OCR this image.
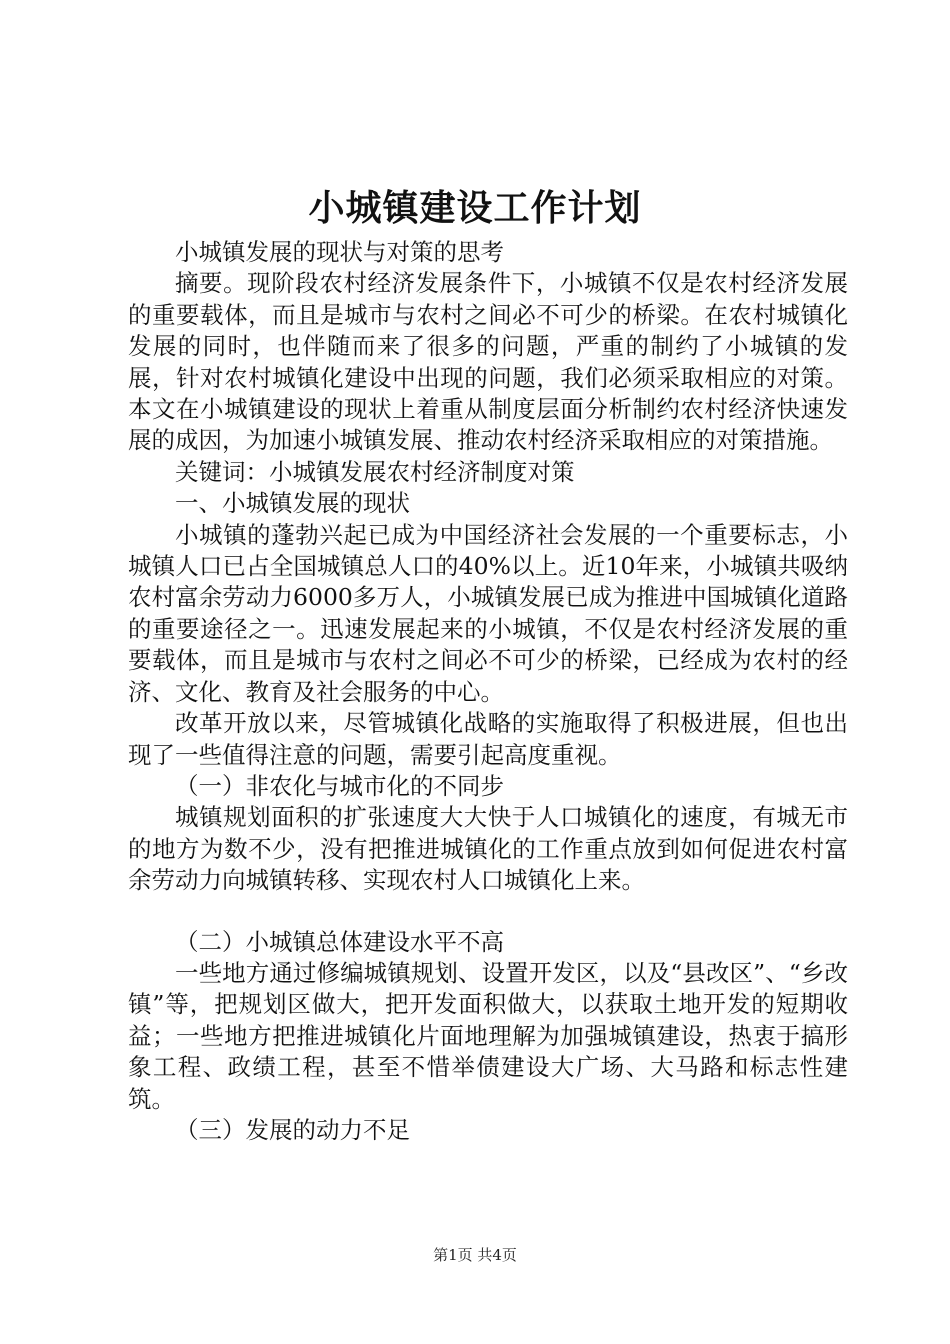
小城镇建设工作计划

小城镇发展的现状与对策的思考

摘要。现阶段农村经济发展条件下，小城镇不仅是农村经济发展的重要载体，而且是城市与农村之间必不可少的桥梁。在农村城镇化发展的同时，也伴随而来了很多的问题，严重的制约了小城镇的发展，针对农村城镇化建设中出现的问题，我们必须采取相应的对策。本文在小城镇建设的现状上着重从制度层面分析制约农村经济快速发展的成因，为加速小城镇发展、推动农村经济采取相应的对策措施。

关键词：小城镇发展农村经济制度对策

一、小城镇发展的现状

小城镇的蓬勃兴起已成为中国经济社会发展的一个重要标志，小城镇人口已占全国城镇总人口的40%以上。近10年来，小城镇共吸纳农村富余劳动力6000多万人，小城镇发展已成为推进中国城镇化道路的重要途径之一。迅速发展起来的小城镇，不仅是农村经济发展的重要载体，而且是城市与农村之间必不可少的桥梁，已经成为农村的经济、文化、教育及社会服务的中心。

改革开放以来，尽管城镇化战略的实施取得了积极进展，但也出现了一些值得注意的问题，需要引起高度重视。

（一）非农化与城市化的不同步

城镇规划面积的扩张速度大大快于人口城镇化的速度，有城无市的地方为数不少，没有把推进城镇化的工作重点放到如何促进农村富余劳动力向城镇转移、实现农村人口城镇化上来。

（二）小城镇总体建设水平不高

一些地方通过修编城镇规划、设置开发区，以及“县改区”、“乡改镇”等，把规划区做大，把开发面积做大，以获取土地开发的短期收益；一些地方把推进城镇化片面地理解为加强城镇建设，热衷于搞形象工程、政绩工程，甚至不惜举债建设大广场、大马路和标志性建筑。

（三）发展的动力不足

第1页 共4页
